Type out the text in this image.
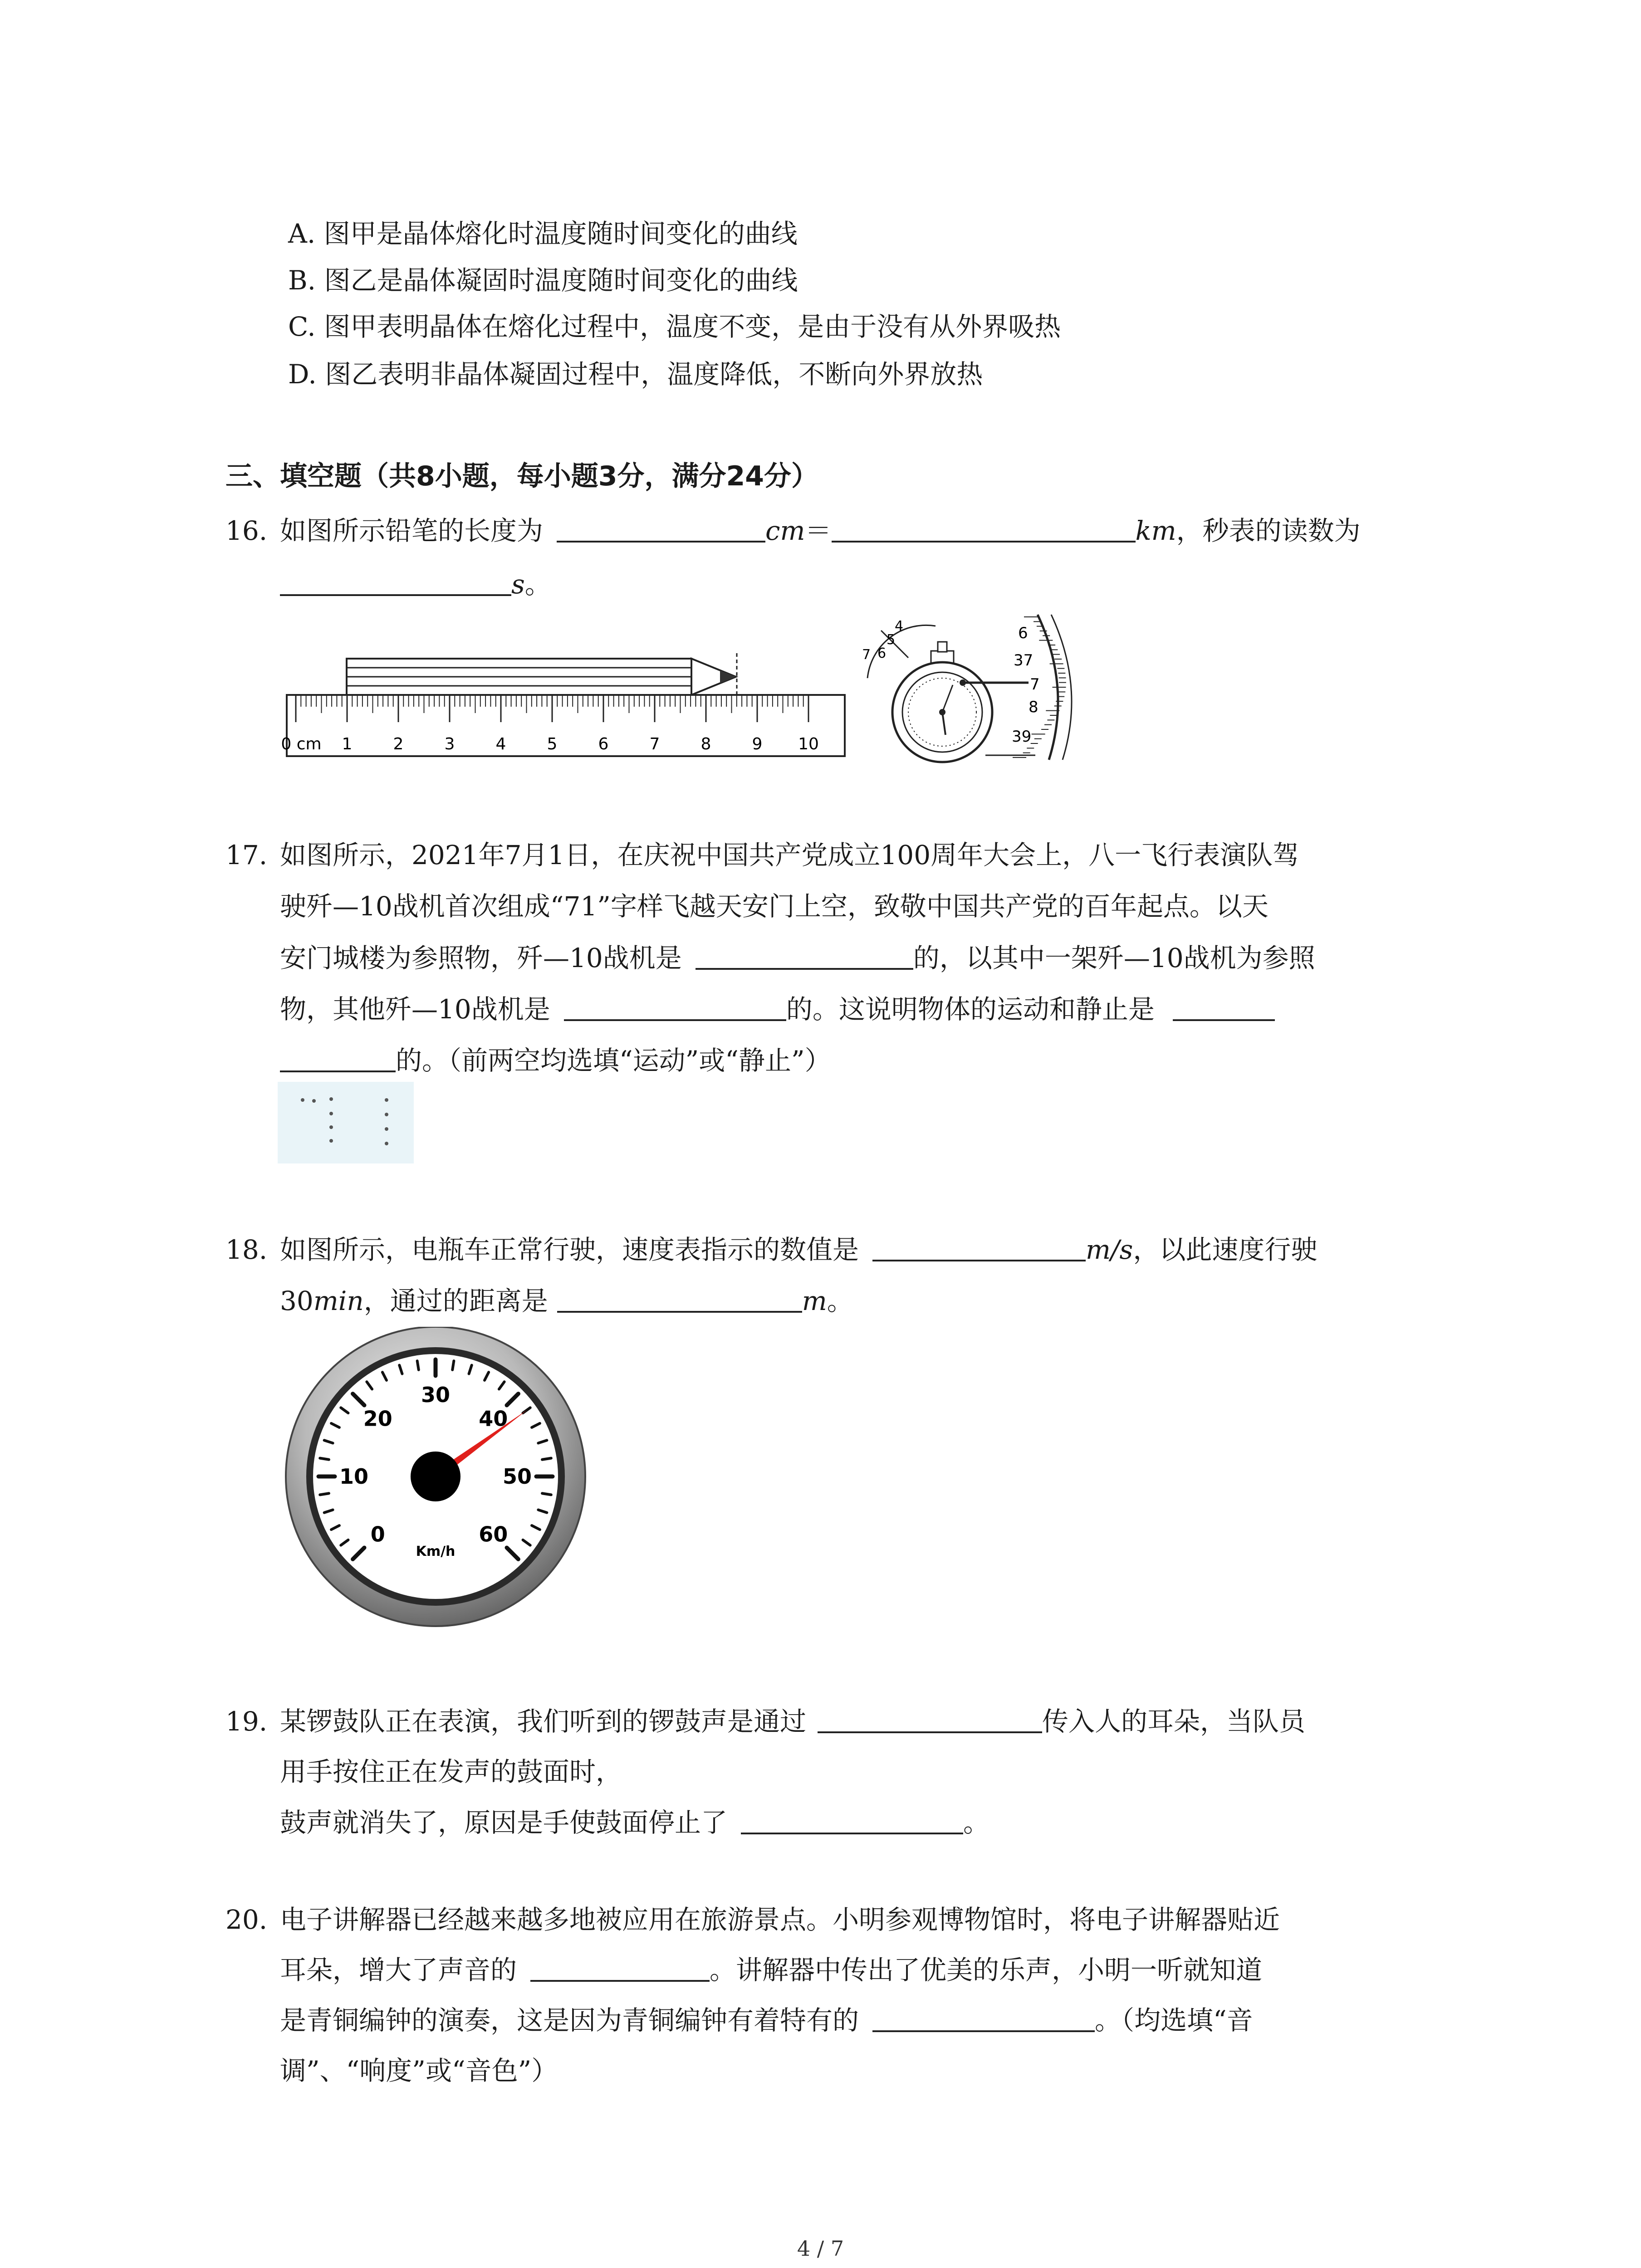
A. 图甲是晶体熔化时温度随时间变化的曲线
B. 图乙是晶体凝固时温度随时间变化的曲线
C. 图甲表明晶体在熔化过程中，温度不变，是由于没有从外界吸热
D. 图乙表明非晶体凝固过程中，温度降低，不断向外界放热
三、填空题（共8小题，每小题3分，满分24分）
16. 如图所示铅笔的长度为	cm＝	km，秒表的读数为
s。
0 cm 1	2	3	4	5	6	7	8	9 10
4
5
6
7
6
37
7
8
39
17. 如图所示，2021年7月1日，在庆祝中国共产党成立100周年大会上，八一飞行表演队驾
驶歼—10战机首次组成“71”字样飞越天安门上空，致敬中国共产党的百年起点。以天
安门城楼为参照物，歼—10战机是	的，以其中一架歼—10战机为参照
物，其他歼—10战机是	的。这说明物体的运动和静止是
的。（前两空均选填“运动”或“静止”）
18. 如图所示，电瓶车正常行驶，速度表指示的数值是	m/s，以此速度行驶
30min，通过的距离是	m。
0
10
20
30
40
50
60
Km/h
19. 某锣鼓队正在表演，我们听到的锣鼓声是通过	传入人的耳朵，当队员
用手按住正在发声的鼓面时，
鼓声就消失了，原因是手使鼓面停止了	。
20. 电子讲解器已经越来越多地被应用在旅游景点。小明参观博物馆时，将电子讲解器贴近
耳朵，增大了声音的	。讲解器中传出了优美的乐声，小明一听就知道
是青铜编钟的演奏，这是因为青铜编钟有着特有的	。（均选填“音
调”、“响度”或“音色”）
4 / 7
